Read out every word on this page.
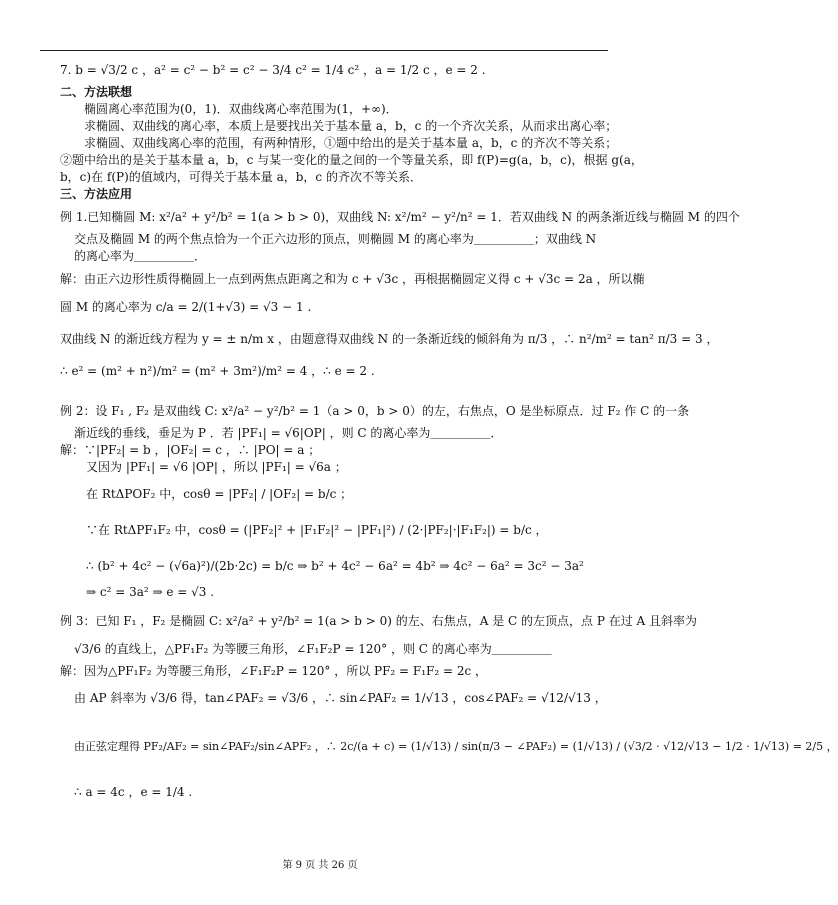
7. b = √3/2 c ，a² = c² − b² = c² − 3/4 c² = 1/4 c² ，a = 1/2 c ，e = 2 .
二、方法联想
椭圆离心率范围为(0，1)．双曲线离心率范围为(1，+∞)．
求椭圆、双曲线的离心率，本质上是要找出关于基本量 a，b，c 的一个齐次关系，从而求出离心率；
求椭圆、双曲线离心率的范围，有两种情形，①题中给出的是关于基本量 a，b，c 的齐次不等关系；
②题中给出的是关于基本量 a，b，c 与某一变化的量之间的一个等量关系，即 f(P)=g(a，b，c)，根据 g(a，
b，c)在 f(P)的值域内，可得关于基本量 a，b，c 的齐次不等关系．
三、方法应用
例 1.已知椭圆 M: x²/a² + y²/b² = 1(a > b > 0)，双曲线 N: x²/m² − y²/n² = 1．若双曲线 N 的两条渐近线与椭圆 M 的四个
交点及椭圆 M 的两个焦点恰为一个正六边形的顶点，则椭圆 M 的离心率为＿＿＿＿＿；双曲线 N
的离心率为＿＿＿＿＿．
解：由正六边形性质得椭圆上一点到两焦点距离之和为 c + √3c ，再根据椭圆定义得 c + √3c = 2a ，所以椭
圆 M 的离心率为 c/a = 2/(1+√3) = √3 − 1 .
双曲线 N 的渐近线方程为 y = ± n/m x ，由题意得双曲线 N 的一条渐近线的倾斜角为 π/3 ，∴ n²/m² = tan² π/3 = 3 ，
∴ e² = (m² + n²)/m² = (m² + 3m²)/m² = 4 ，∴ e = 2 .
例 2：设 F₁ , F₂ 是双曲线 C: x²/a² − y²/b² = 1（a > 0，b > 0）的左，右焦点，O 是坐标原点．过 F₂ 作 C 的一条
渐近线的垂线，垂足为 P ．若 |PF₁| = √6|OP| ，则 C 的离心率为＿＿＿＿＿．
解：∵|PF₂| = b ，|OF₂| = c ，∴ |PO| = a ；
又因为 |PF₁| = √6 |OP| ，所以 |PF₁| = √6a ；
在 RtΔPOF₂ 中，cosθ = |PF₂| / |OF₂| = b/c ；
∵在 RtΔPF₁F₂ 中，cosθ = (|PF₂|² + |F₁F₂|² − |PF₁|²) / (2·|PF₂|·|F₁F₂|) = b/c ，
∴ (b² + 4c² − (√6a)²)/(2b·2c) = b/c ⇒ b² + 4c² − 6a² = 4b² ⇒ 4c² − 6a² = 3c² − 3a²
⇒ c² = 3a² ⇒ e = √3 .
例 3：已知 F₁ ，F₂ 是椭圆 C: x²/a² + y²/b² = 1(a > b > 0) 的左、右焦点，A 是 C 的左顶点，点 P 在过 A 且斜率为
√3/6 的直线上，△PF₁F₂ 为等腰三角形，∠F₁F₂P = 120° ，则 C 的离心率为＿＿＿＿＿
解：因为△PF₁F₂ 为等腰三角形，∠F₁F₂P = 120° ，所以 PF₂ = F₁F₂ = 2c ，
由 AP 斜率为 √3/6 得，tan∠PAF₂ = √3/6 ，∴ sin∠PAF₂ = 1/√13 ，cos∠PAF₂ = √12/√13 ，
由正弦定理得 PF₂/AF₂ = sin∠PAF₂/sin∠APF₂ ，∴ 2c/(a + c) = (1/√13) / sin(π/3 − ∠PAF₂) = (1/√13) / (√3/2 · √12/√13 − 1/2 · 1/√13) = 2/5 ，
∴ a = 4c ，e = 1/4 .
第 9 页 共 26 页
